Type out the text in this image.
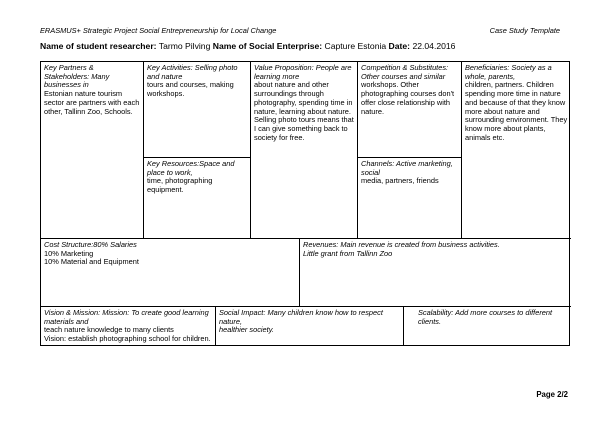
ERASMUS+ Strategic Project Social Entrepreneurship for Local Change	Case Study Template
Name of student researcher: Tarmo Pilving Name of Social Enterprise: Capture Estonia Date: 22.04.2016
Key Partners & Stakeholders: Many businesses in
Estonian nature tourism sector are partners with each other, Tallinn Zoo, Schools.
Key Activities: Selling photo and nature
tours and courses, making workshops.
Key Resources:Space and place to work,
time, photographing equipment.
Value Proposition: People are learning more
about nature and other surroundings through photography, spending time in nature, learning about nature. Selling photo tours means that I can give something back to society for free.
Competition & Substitutes: Other courses and similar
workshops. Other photographing courses don't offer close relationship with nature.
Channels: Active marketing, social
media, partners, friends
Beneficiaries: Society as a whole, parents,
children, partners. Children spending more time in nature and because of that they know more about nature and surrounding environment. They know more about plants, animals etc.
Cost Structure:80% Salaries
10% Marketing
10% Material and Equipment
Revenues: Main revenue is created from business activities.
Little grant from Tallinn Zoo
Vision & Mission: Mission: To create good learning materials and
teach nature knowledge to many clients
Vision: establish photographing school for children.
Social Impact: Many children know how to respect nature,
healthier society.
Scalability: Add more courses to different clients.
Page 2/2
